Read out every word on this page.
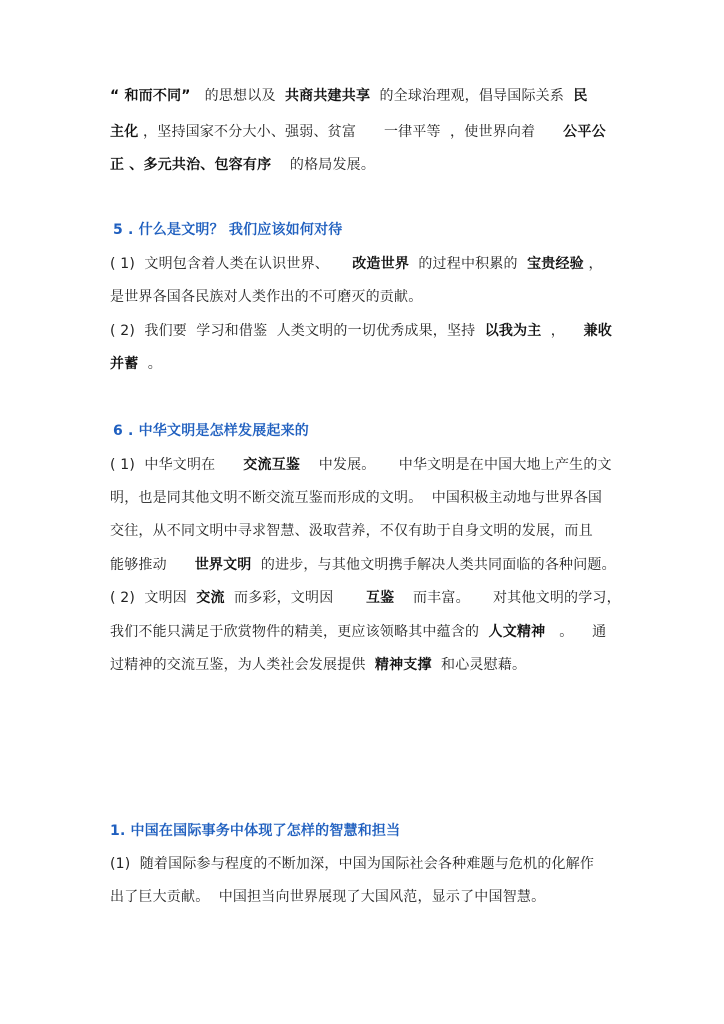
“ 和而不同”   的思想以及  共商共建共享  的全球治理观，倡导国际关系  民
主化 ，坚持国家不分大小、强弱、贫富      一律平等  ，使世界向着      公平公
正 、多元共治、包容有序    的格局发展。
5 . 什么是文明？ 我们应该如何对待
( 1)  文明包含着人类在认识世界、     改造世界  的过程中积累的  宝贵经验 ，
是世界各国各民族对人类作出的不可磨灭的贡献。
( 2)  我们要  学习和借鉴  人类文明的一切优秀成果，坚持  以我为主  ，    兼收
并蓄  。
6 . 中华文明是怎样发展起来的
( 1)  中华文明在      交流互鉴    中发展。     中华文明是在中国大地上产生的文
明，也是同其他文明不断交流互鉴而形成的文明。  中国积极主动地与世界各国
交往，从不同文明中寻求智慧、汲取营养，不仅有助于自身文明的发展，而且
能够推动      世界文明  的进步，与其他文明携手解决人类共同面临的各种问题。
( 2)  文明因  交流  而多彩，文明因       互鉴    而丰富。     对其他文明的学习，
我们不能只满足于欣赏物件的精美，更应该领略其中蕴含的  人文精神   。    通
过精神的交流互鉴，为人类社会发展提供  精神支撑  和心灵慰藉。
1. 中国在国际事务中体现了怎样的智慧和担当
(1)  随着国际参与程度的不断加深，中国为国际社会各种难题与危机的化解作
出了巨大贡献。  中国担当向世界展现了大国风范，显示了中国智慧。
